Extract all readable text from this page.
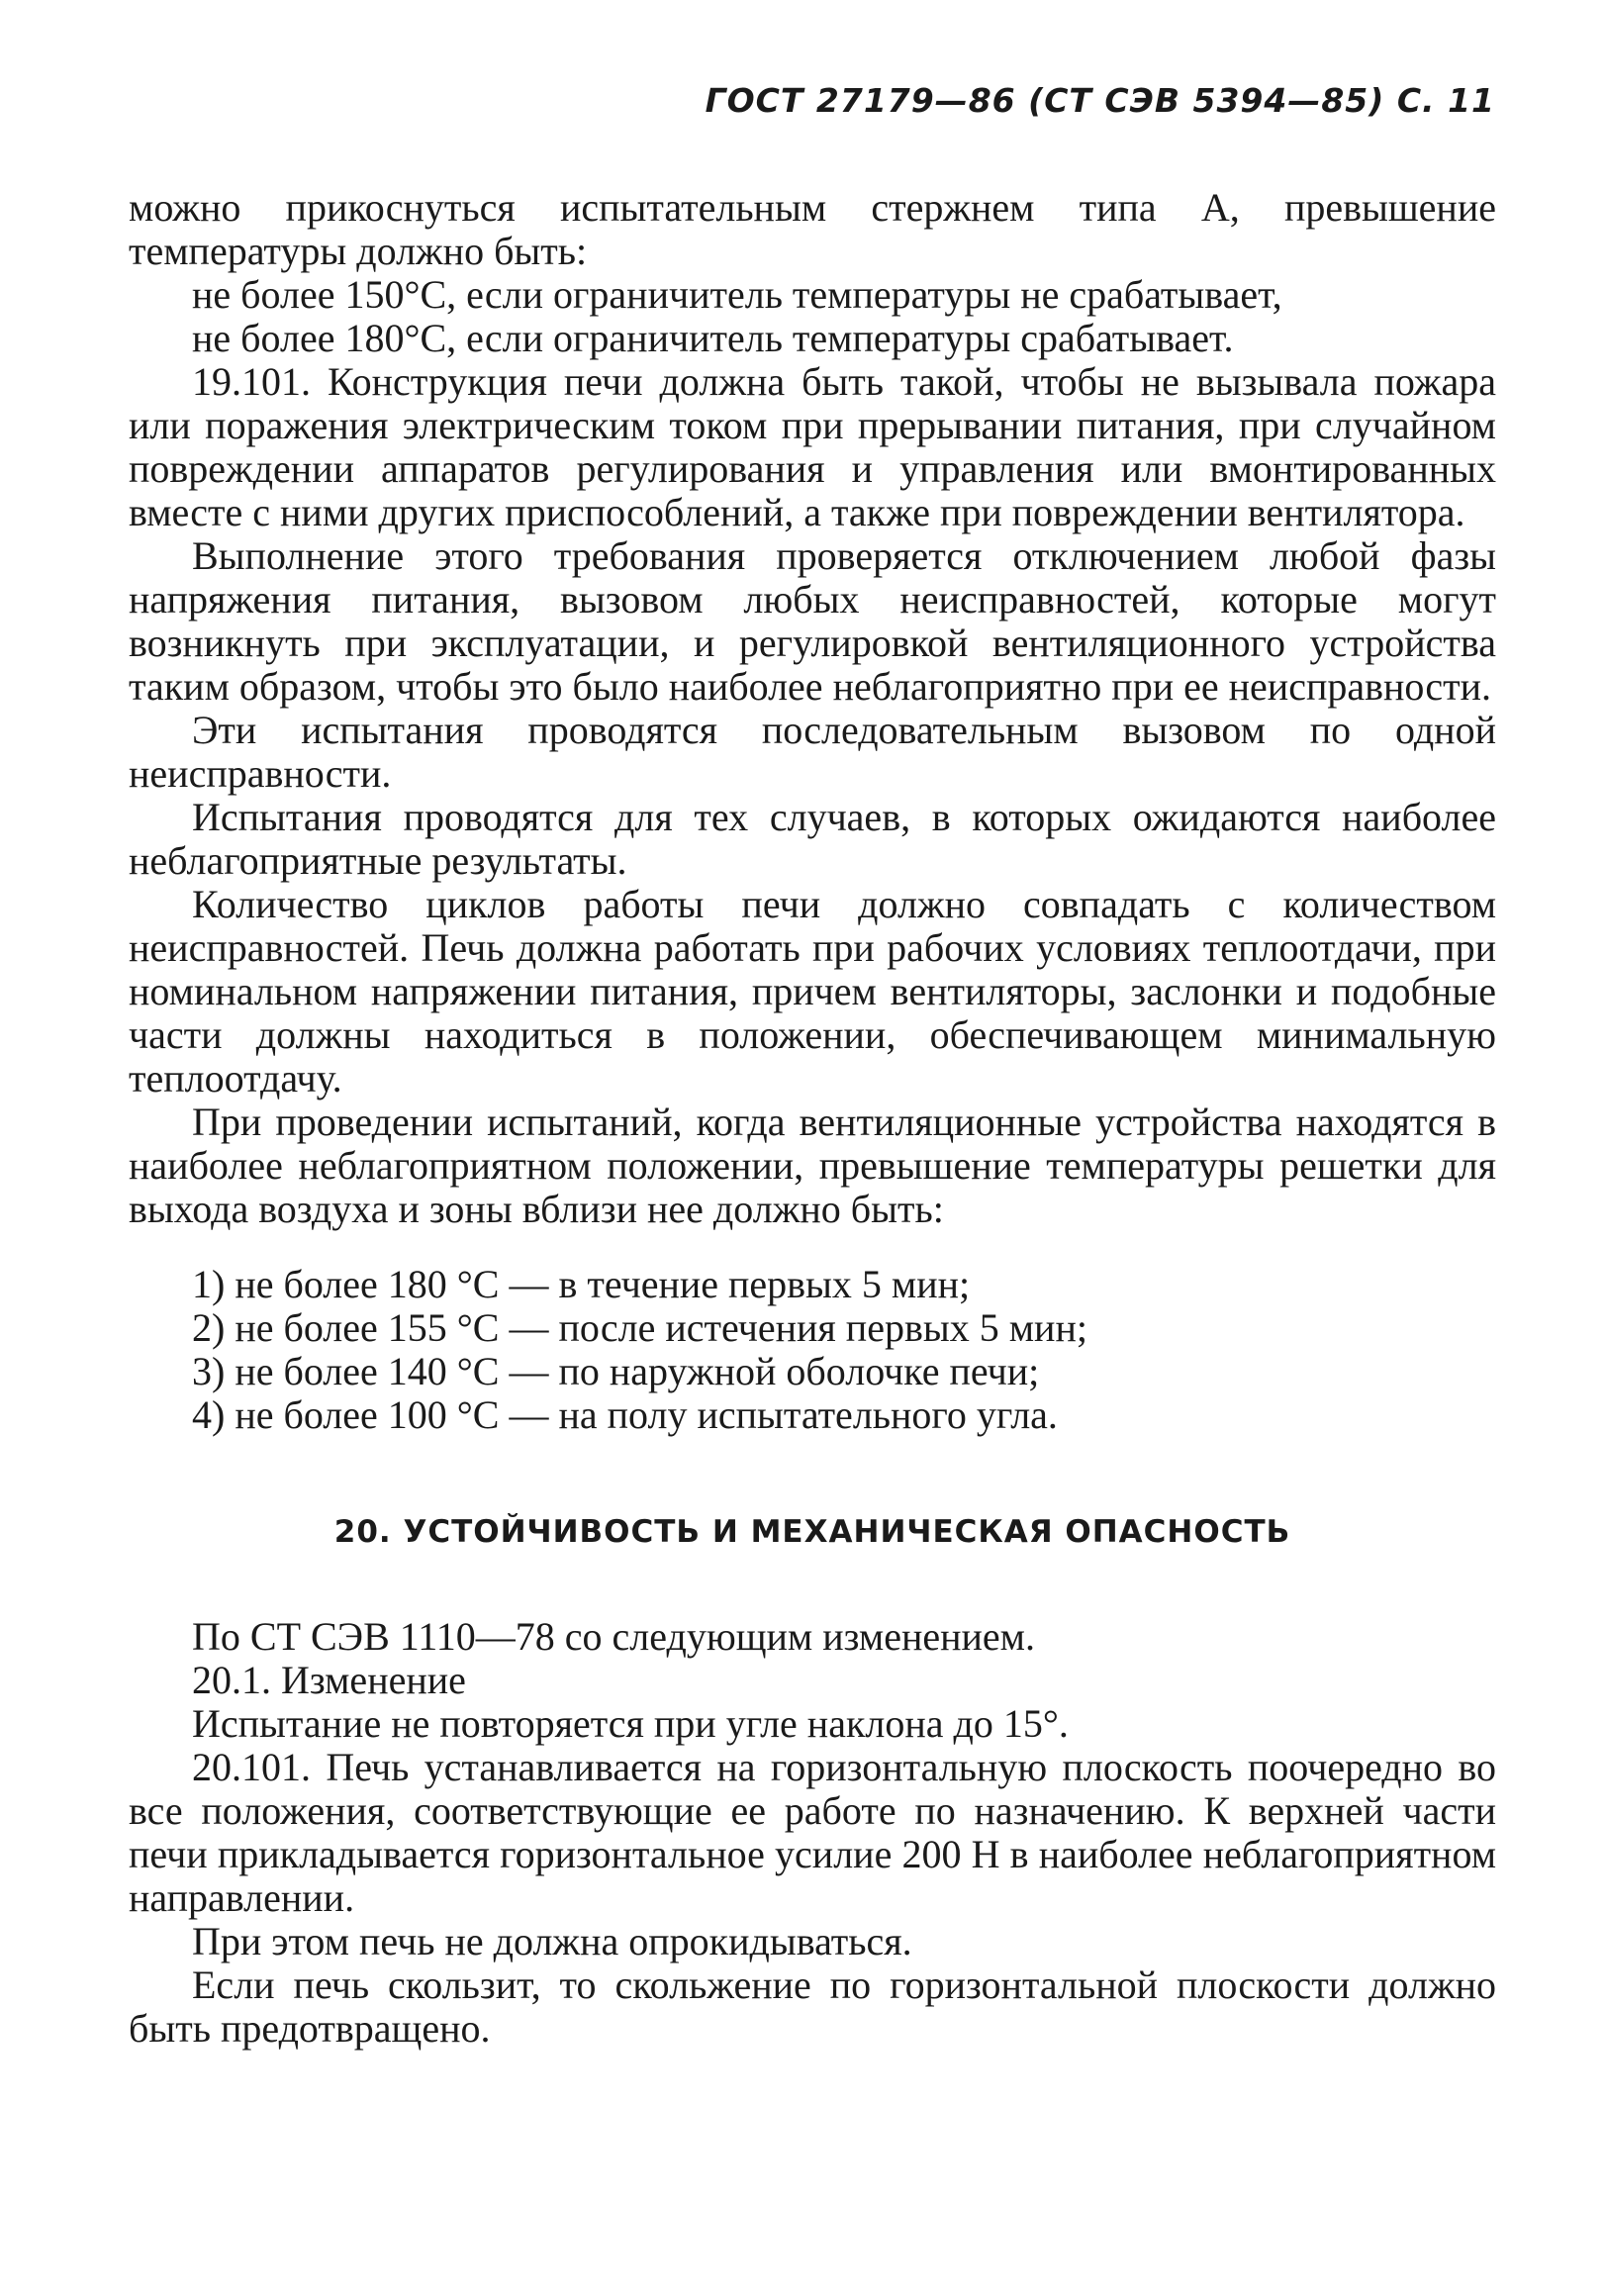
ГОСТ 27179—86 (СТ СЭВ 5394—85) С. 11

можно прикоснуться испытательным стержнем типа А, превышение температуры должно быть:

не более 150°С, если ограничитель температуры не срабатывает,

не более 180°С, если ограничитель температуры срабатывает.

19.101. Конструкция печи должна быть такой, чтобы не вызывала пожара или поражения электрическим током при прерывании питания, при случайном повреждении аппаратов регулирования и управления или вмонтированных вместе с ними других приспособлений, а также при повреждении вентилятора.

Выполнение этого требования проверяется отключением любой фазы напряжения питания, вызовом любых неисправностей, которые могут возникнуть при эксплуатации, и регулировкой вентиляционного устройства таким образом, чтобы это было наиболее неблагоприятно при ее неисправности.

Эти испытания проводятся последовательным вызовом по одной неисправности.

Испытания проводятся для тех случаев, в которых ожидаются наиболее неблагоприятные результаты.

Количество циклов работы печи должно совпадать с количеством неисправностей. Печь должна работать при рабочих условиях теплоотдачи, при номинальном напряжении питания, причем вентиляторы, заслонки и подобные части должны находиться в положении, обеспечивающем минимальную теплоотдачу.

При проведении испытаний, когда вентиляционные устройства находятся в наиболее неблагоприятном положении, превышение температуры решетки для выхода воздуха и зоны вблизи нее должно быть:

1) не более 180 °С — в течение первых 5 мин;

2) не более 155 °С — после истечения первых 5 мин;

3) не более 140 °С — по наружной оболочке печи;

4) не более 100 °С — на полу испытательного угла.

20. УСТОЙЧИВОСТЬ И МЕХАНИЧЕСКАЯ ОПАСНОСТЬ

По СТ СЭВ 1110—78 со следующим изменением.

20.1. Изменение

Испытание не повторяется при угле наклона до 15°.

20.101. Печь устанавливается на горизонтальную плоскость поочередно во все положения, соответствующие ее работе по назначению. К верхней части печи прикладывается горизонтальное усилие 200 Н в наиболее неблагоприятном направлении.

При этом печь не должна опрокидываться.

Если печь скользит, то скольжение по горизонтальной плоскости должно быть предотвращено.
